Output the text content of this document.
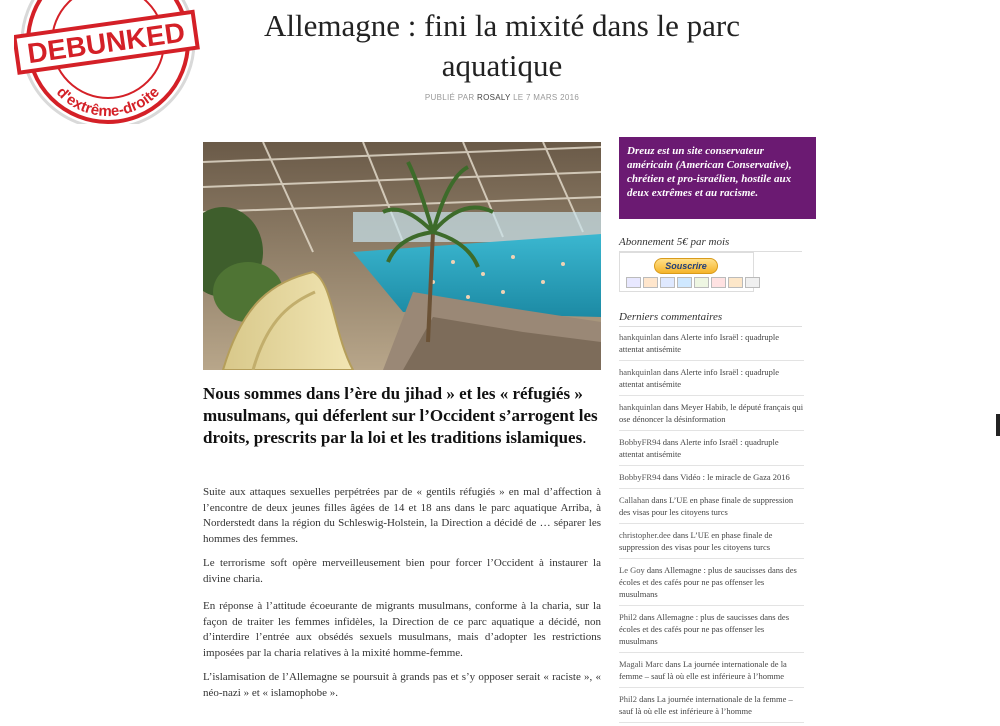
DEBUNKED
d'extrême-droite
Allemagne : fini la mixité dans le parc aquatique
PUBLIÉ PAR ROSALY LE 7 MARS 2016

Nous sommes dans l’ère du jihad » et les « réfugiés » musulmans, qui déferlent sur l’Occident s’arrogent les droits, prescrits par la loi et les traditions islamiques.

Suite aux attaques sexuelles perpétrées par de « gentils réfugiés » en mal d’affection à l’encontre de deux jeunes filles âgées de 14 et 18 ans dans le parc aquatique Arriba, à Norderstedt dans la région du Schleswig-Holstein, la Direction a décidé de … séparer les hommes des femmes.

Le terrorisme soft opère merveilleusement bien pour forcer l’Occident à instaurer la divine charia.

En réponse à l’attitude écoeurante de migrants musulmans, conforme à la charia, sur la façon de traiter les femmes infidèles, la Direction de ce parc aquatique a décidé, non d’interdire l’entrée aux obsédés sexuels musulmans, mais d’adopter les restrictions imposées par la charia relatives à la mixité homme-femme.

L’islamisation de l’Allemagne se poursuit à grands pas et s’y opposer serait « raciste », « néo-nazi » et « islamophobe ».

Dreuz est un site conservateur américain (American Conservative), chrétien et pro-israélien, hostile aux deux extrêmes et au racisme.
Abonnement 5€ par mois
Souscrire
Derniers commentaires
hankquinlan dans Alerte info Israël : quadruple attentat antisémite
hankquinlan dans Alerte info Israël : quadruple attentat antisémite
hankquinlan dans Meyer Habib, le député français qui ose dénoncer la désinformation
BobbyFR94 dans Alerte info Israël : quadruple attentat antisémite
BobbyFR94 dans Vidéo : le miracle de Gaza 2016
Callahan dans L’UE en phase finale de suppression des visas pour les citoyens turcs
christopher.dee dans L’UE en phase finale de suppression des visas pour les citoyens turcs
Le Goy dans Allemagne : plus de saucisses dans des écoles et des cafés pour ne pas offenser les musulmans
Phil2 dans Allemagne : plus de saucisses dans des écoles et des cafés pour ne pas offenser les musulmans
Magali Marc dans La journée internationale de la femme – sauf là où elle est inférieure à l’homme
Phil2 dans La journée internationale de la femme – sauf là où elle est inférieure à l’homme
